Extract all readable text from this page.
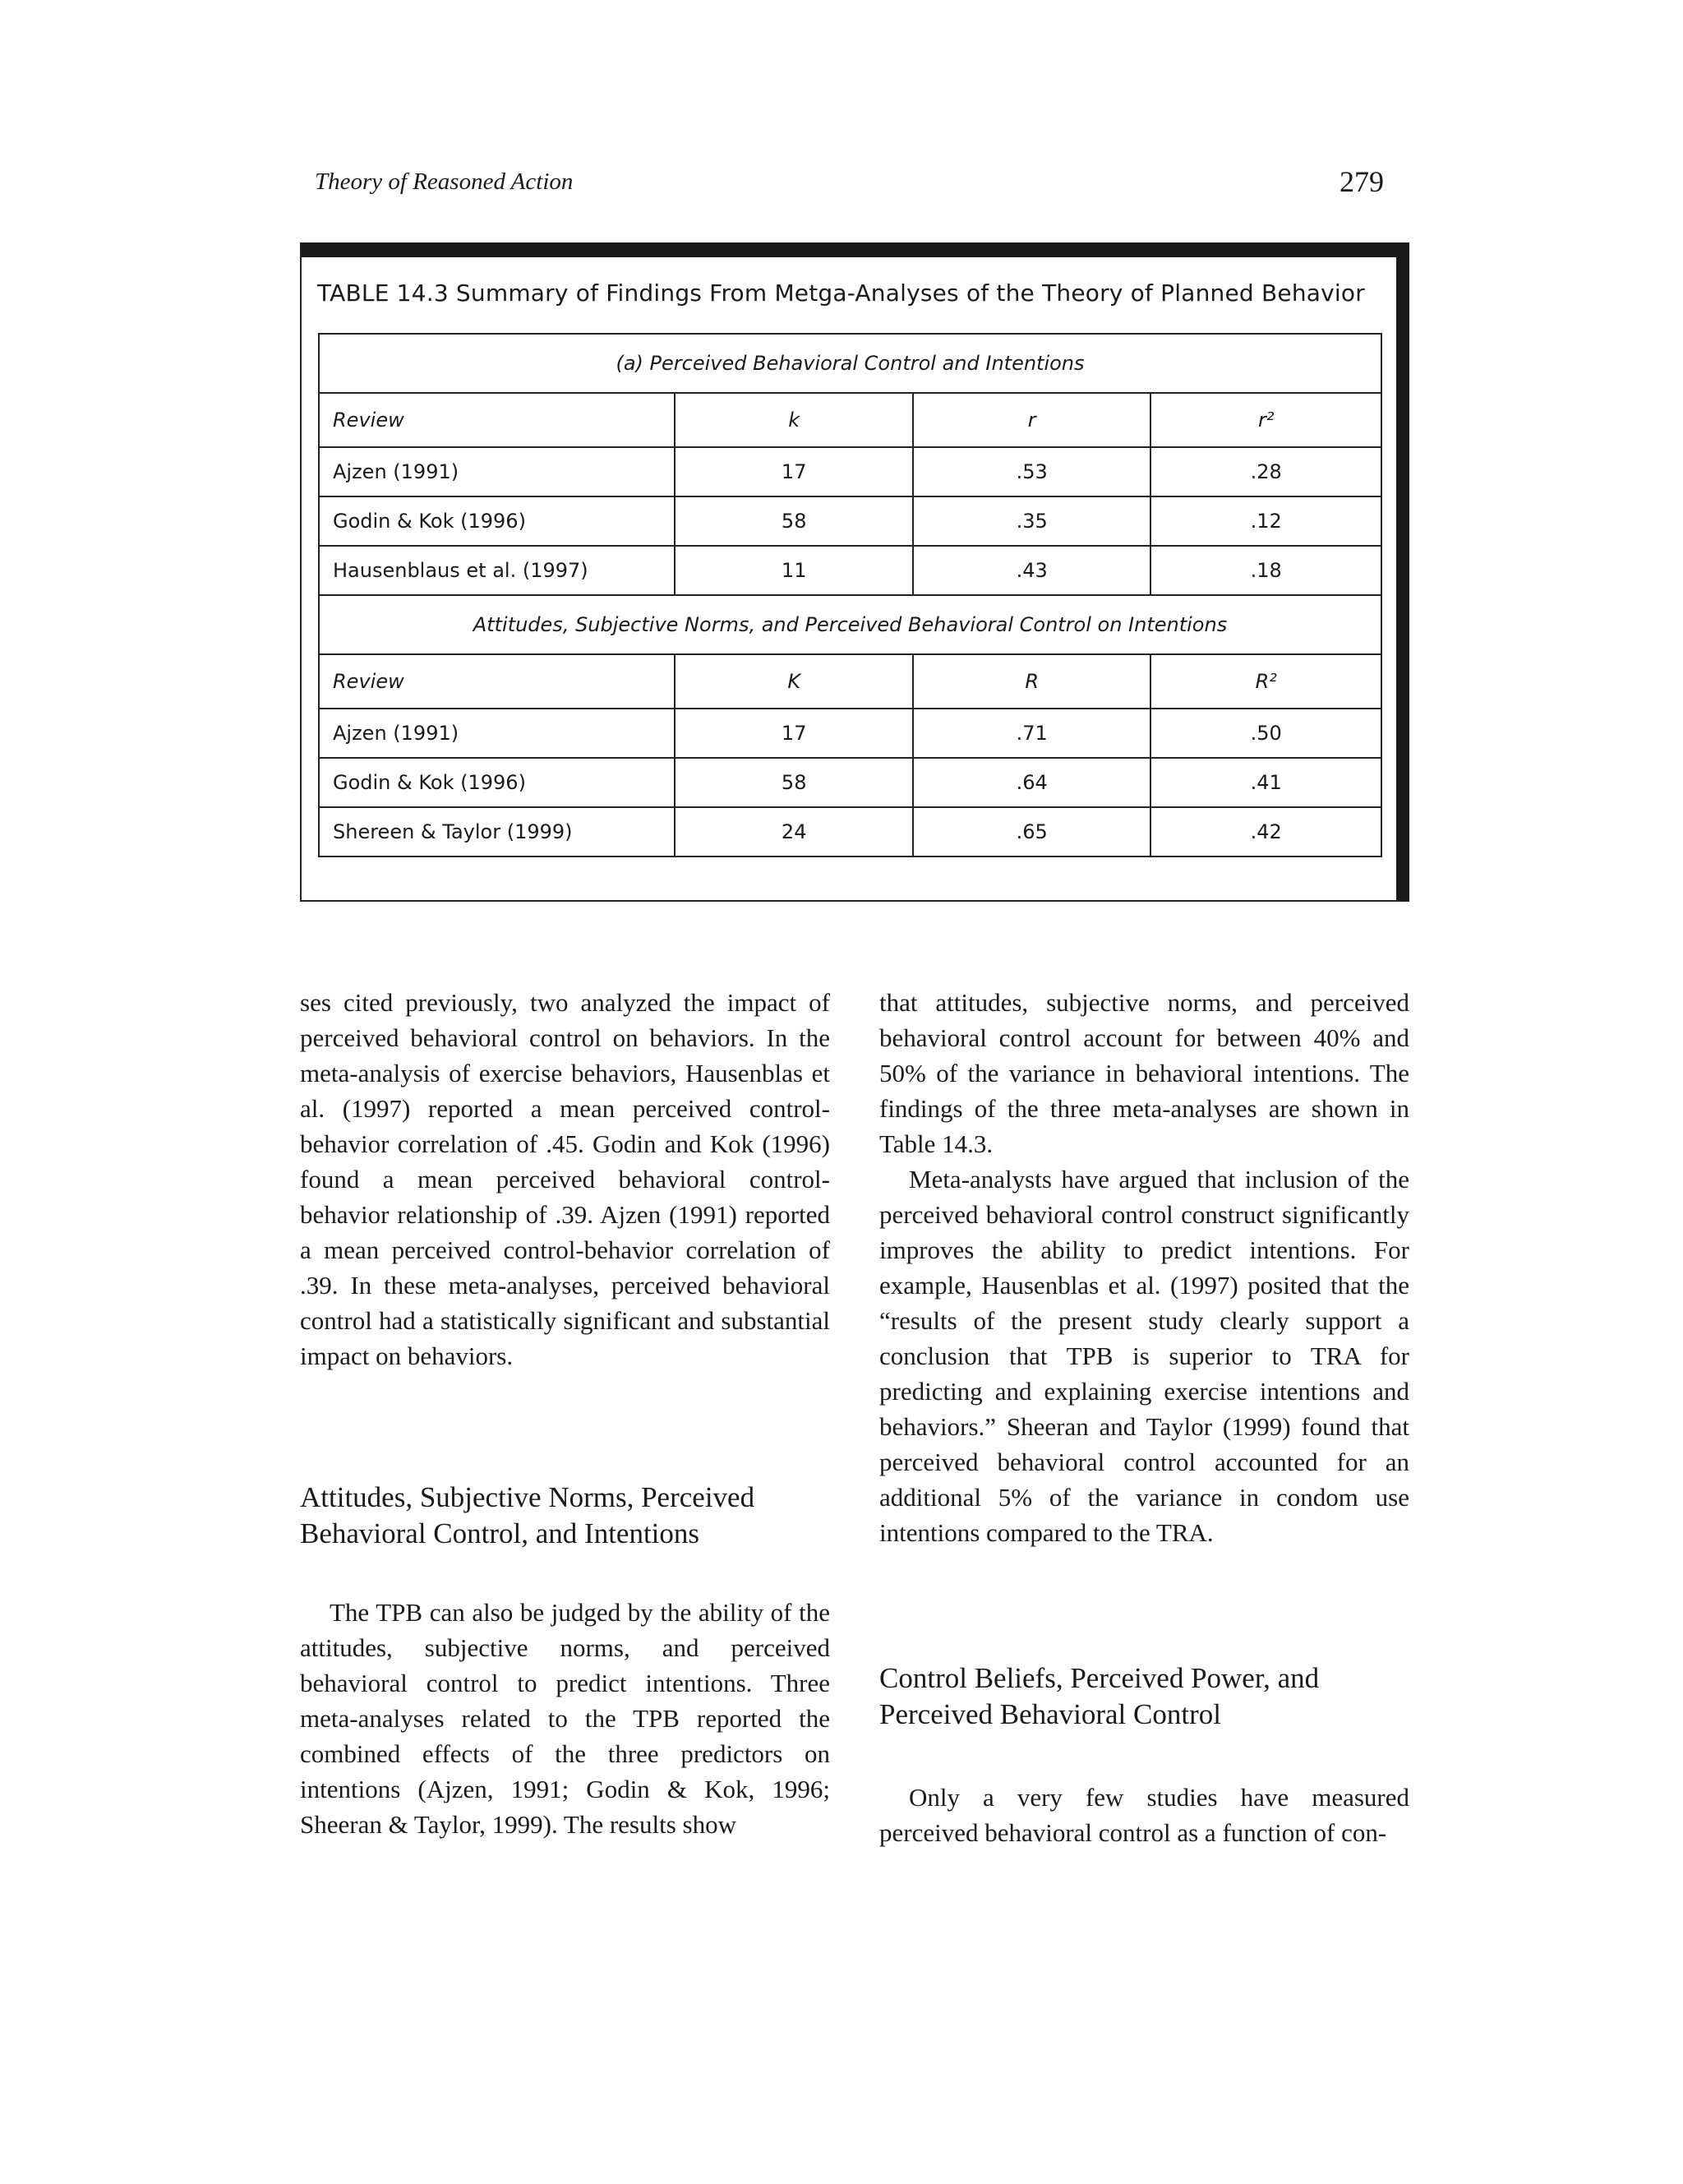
Theory of Reasoned Action	279
TABLE 14.3 Summary of Findings From Metga-Analyses of the Theory of Planned Behavior
(a) Perceived Behavioral Control and Intentions			
Review	k	r	r²
Ajzen (1991)	17	.53	.28
Godin & Kok (1996)	58	.35	.12
Hausenblaus et al. (1997)	11	.43	.18
Attitudes, Subjective Norms, and Perceived Behavioral Control on Intentions			
Review	K	R	R²
Ajzen (1991)	17	.71	.50
Godin & Kok (1996)	58	.64	.41
Shereen & Taylor (1999)	24	.65	.42

ses cited previously, two analyzed the impact of perceived behavioral control on behaviors. In the meta-analysis of exercise behaviors, Hausenblas et al. (1997) reported a mean perceived control-behavior correlation of .45. Godin and Kok (1996) found a mean perceived behavioral control-behavior relationship of .39. Ajzen (1991) reported a mean perceived control-behavior correlation of .39. In these meta-analyses, perceived behavioral control had a statistically significant and substantial impact on behaviors.

Attitudes, Subjective Norms, Perceived Behavioral Control, and Intentions

The TPB can also be judged by the ability of the attitudes, subjective norms, and perceived behavioral control to predict intentions. Three meta-analyses related to the TPB reported the combined effects of the three predictors on intentions (Ajzen, 1991; Godin & Kok, 1996; Sheeran & Taylor, 1999). The results show

that attitudes, subjective norms, and perceived behavioral control account for between 40% and 50% of the variance in behavioral intentions. The findings of the three meta-analyses are shown in Table 14.3.

Meta-analysts have argued that inclusion of the perceived behavioral control construct significantly improves the ability to predict intentions. For example, Hausenblas et al. (1997) posited that the “results of the present study clearly support a conclusion that TPB is superior to TRA for predicting and explaining exercise intentions and behaviors.” Sheeran and Taylor (1999) found that perceived behavioral control accounted for an additional 5% of the variance in condom use intentions compared to the TRA.

Control Beliefs, Perceived Power, and Perceived Behavioral Control

Only a very few studies have measured perceived behavioral control as a function of con-
